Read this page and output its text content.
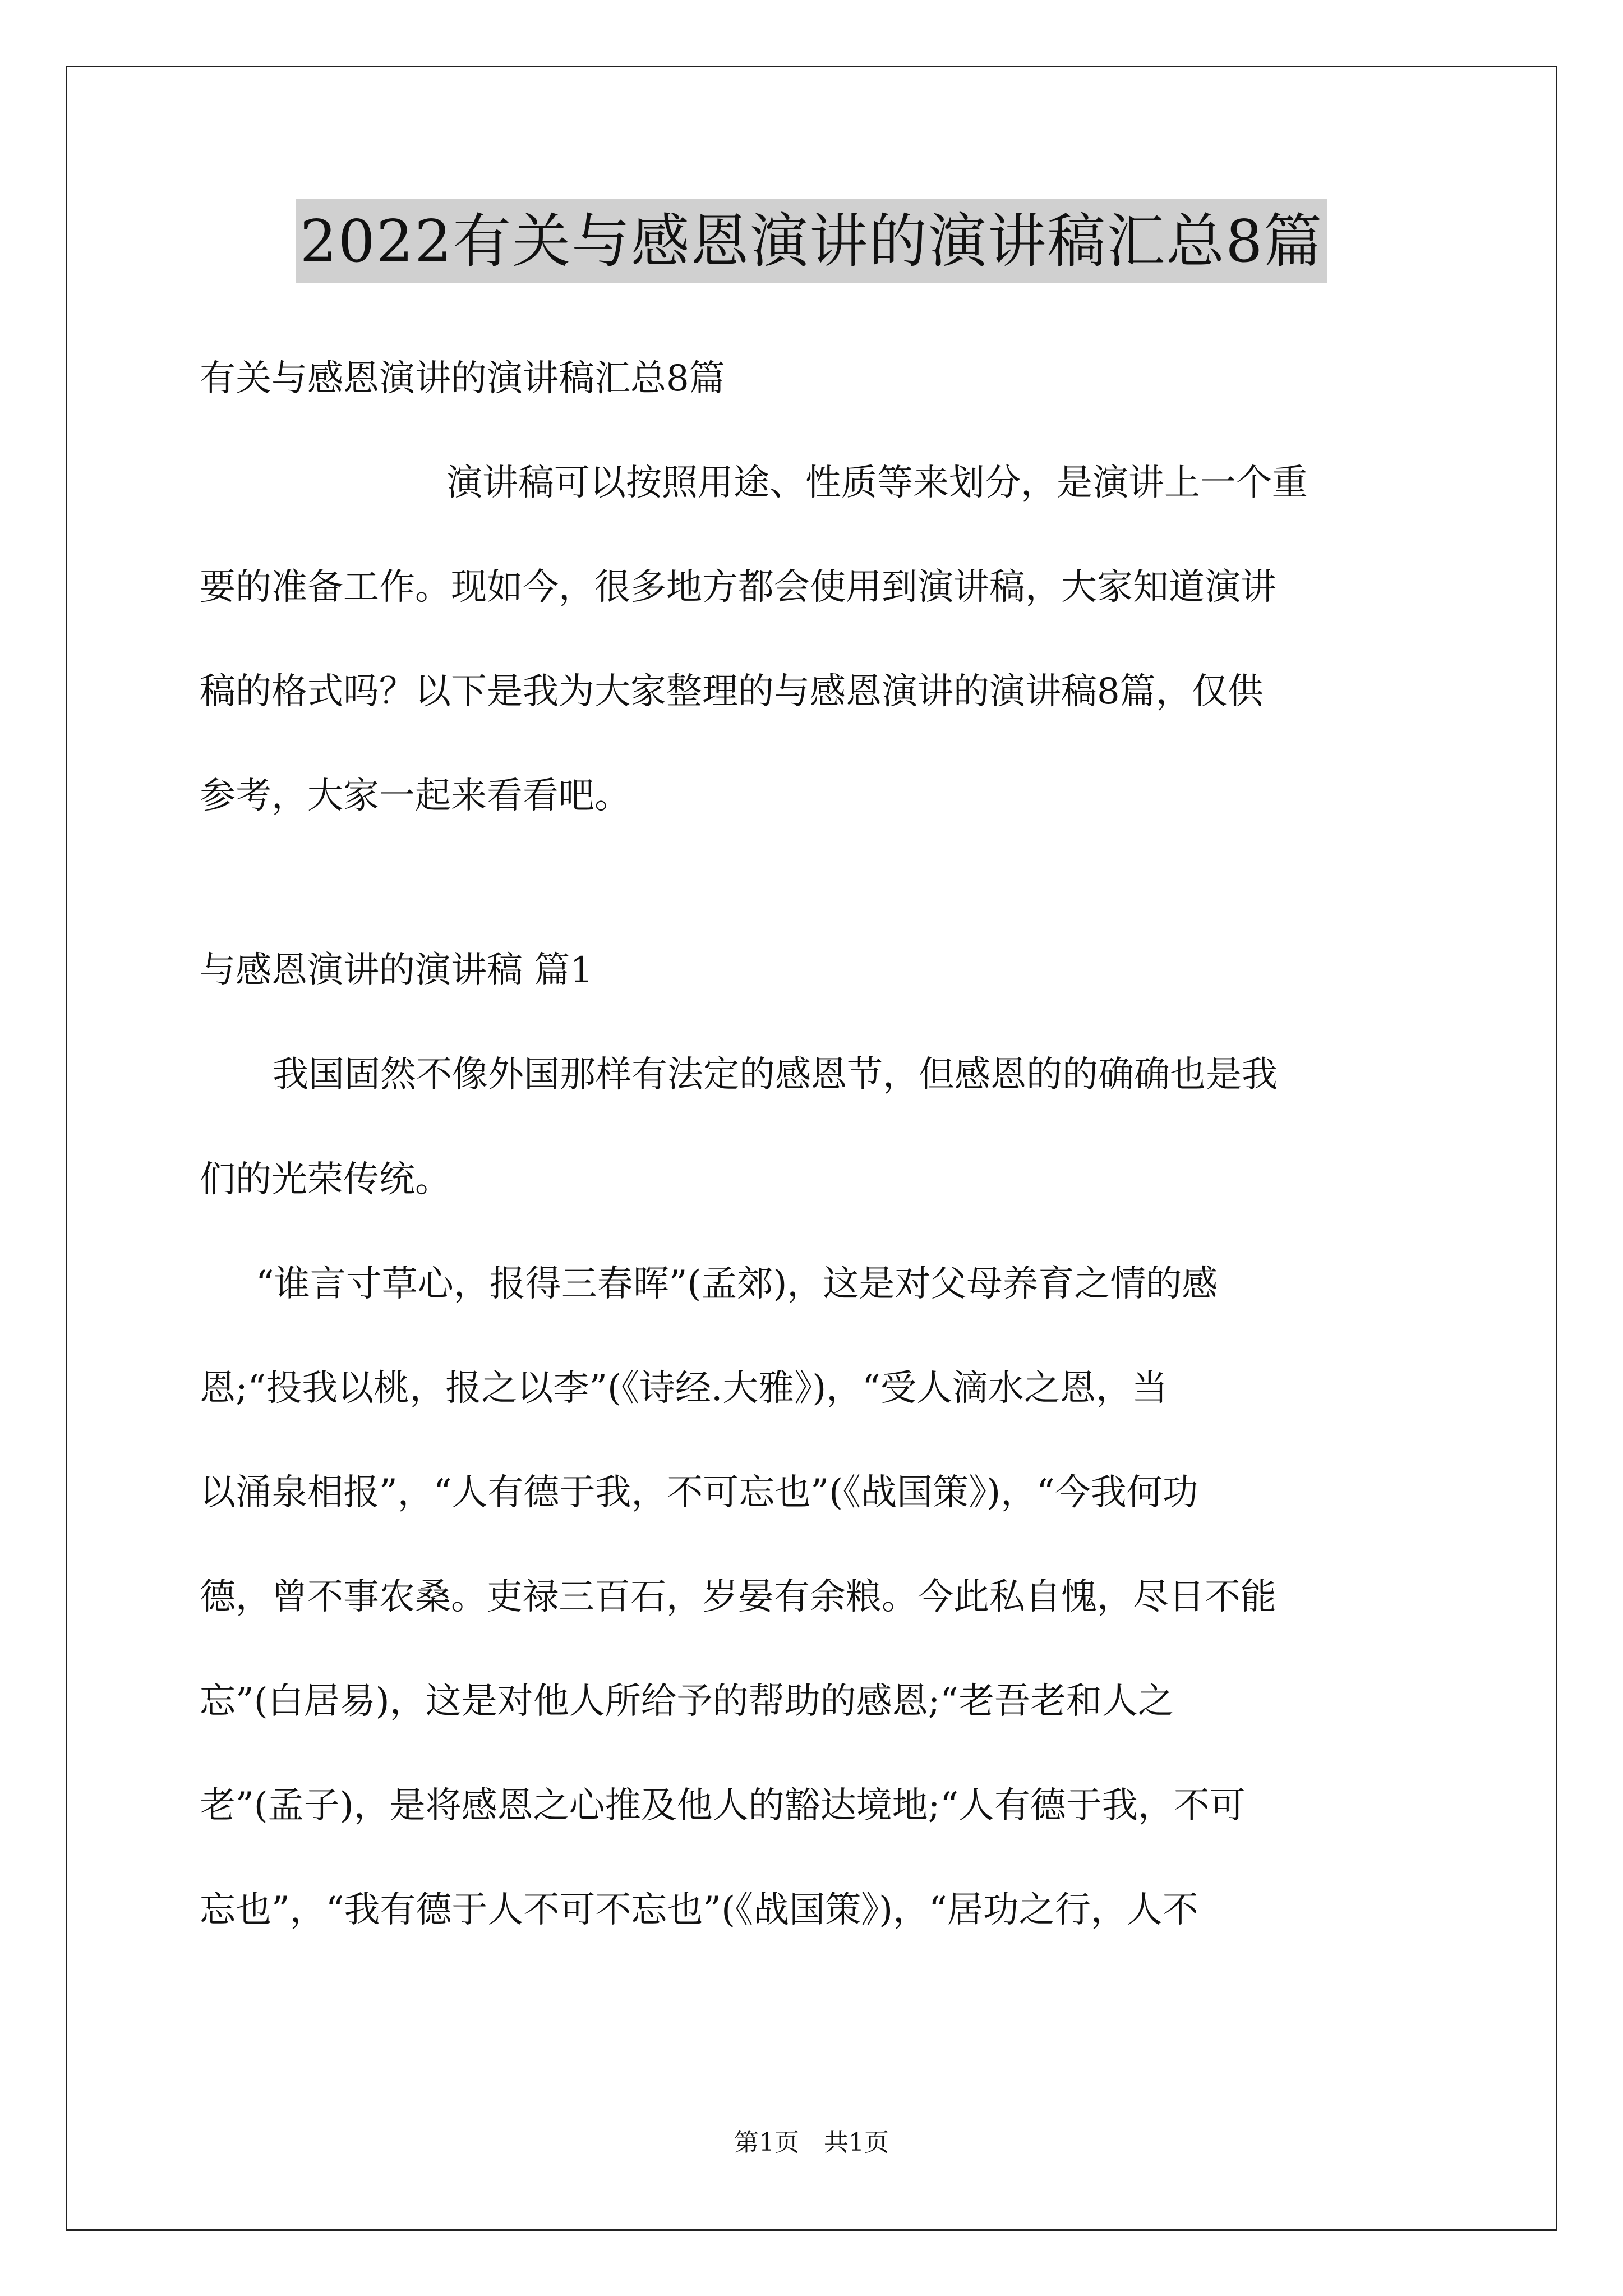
2022有关与感恩演讲的演讲稿汇总8篇
有关与感恩演讲的演讲稿汇总8篇
演讲稿可以按照用途、性质等来划分，是演讲上一个重
要的准备工作。现如今，很多地方都会使用到演讲稿，大家知道演讲
稿的格式吗？以下是我为大家整理的与感恩演讲的演讲稿8篇，仅供
参考，大家一起来看看吧。
与感恩演讲的演讲稿 篇1
我国固然不像外国那样有法定的感恩节，但感恩的的确确也是我
们的光荣传统。
“谁言寸草心，报得三春晖”(孟郊)，这是对父母养育之情的感
恩;“投我以桃，报之以李”(《诗经.大雅》)，“受人滴水之恩，当
以涌泉相报”，“人有德于我，不可忘也”(《战国策》)，“今我何功
德，曾不事农桑。吏禄三百石，岁晏有余粮。今此私自愧，尽日不能
忘”(白居易)，这是对他人所给予的帮助的感恩;“老吾老和人之
老”(孟子)，是将感恩之心推及他人的豁达境地;“人有德于我，不可
忘也”，“我有德于人不可不忘也”(《战国策》)，“居功之行，人不
第1页 共1页
